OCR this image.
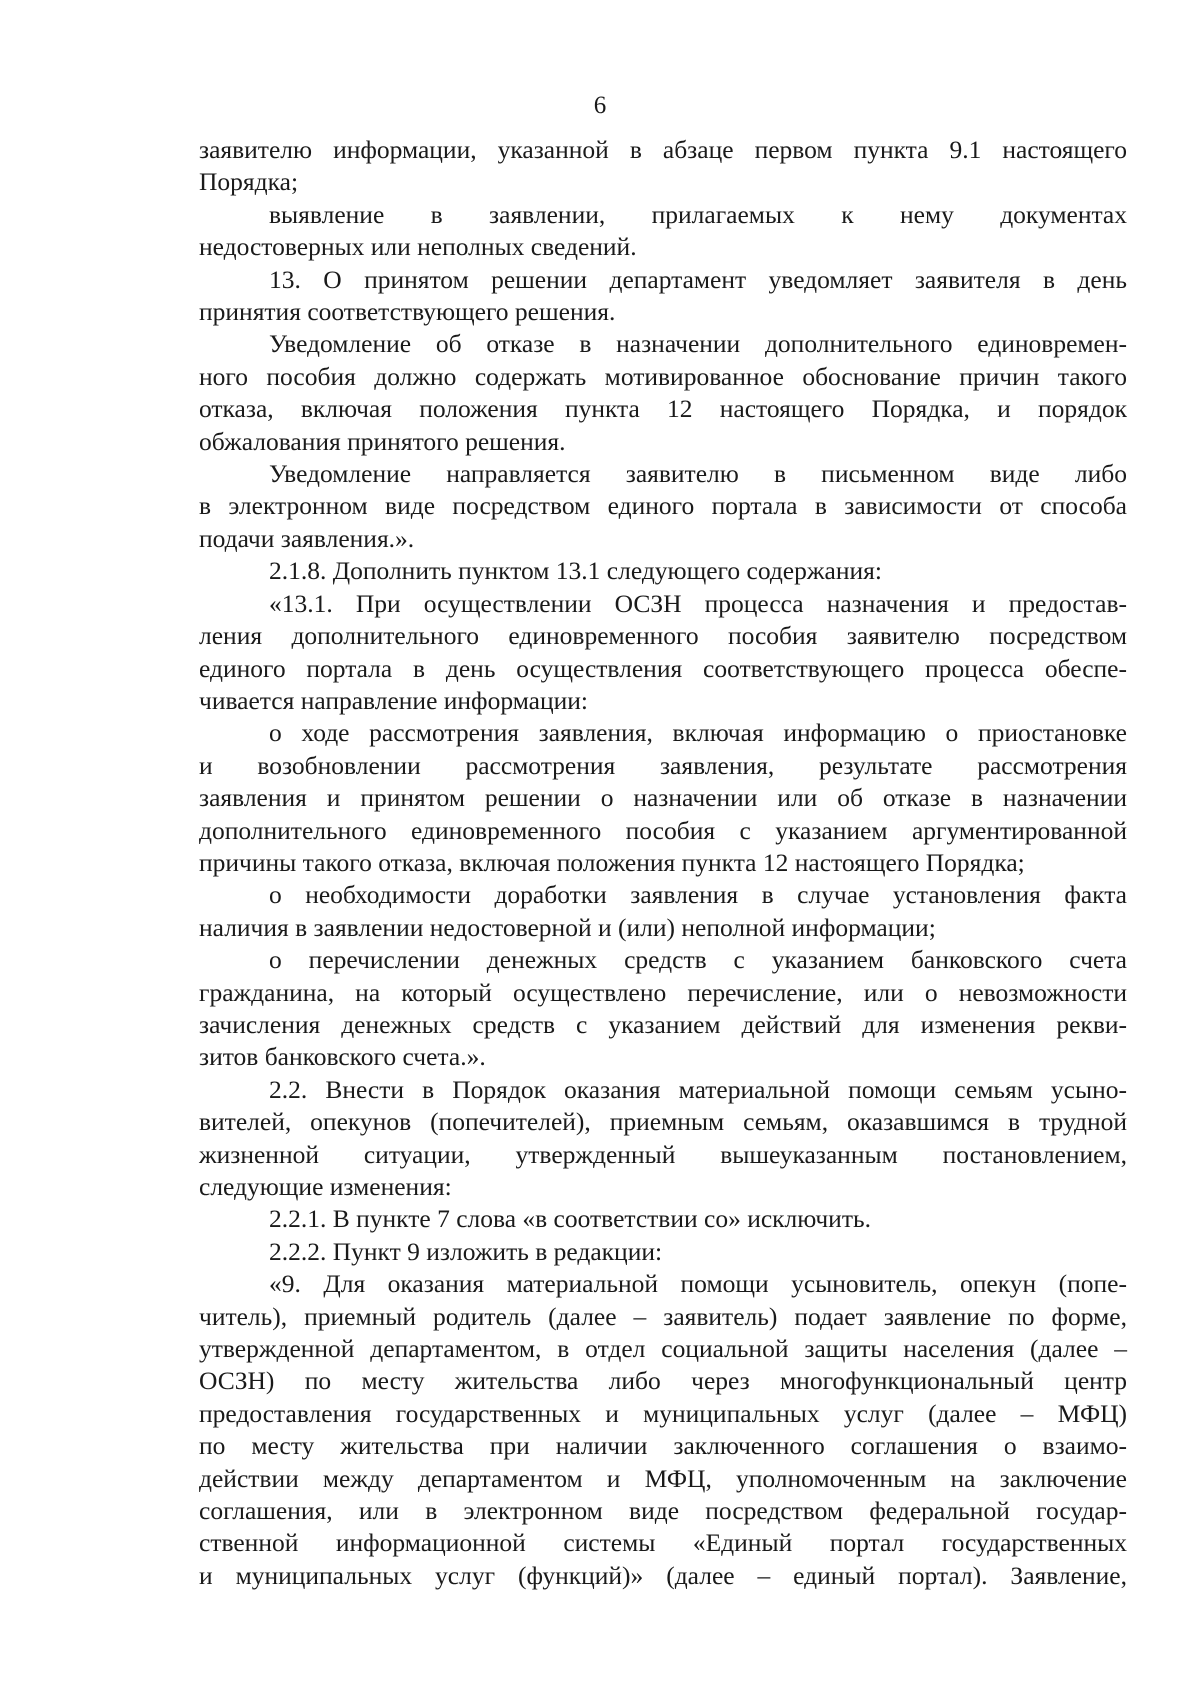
6
заявителю информации, указанной в абзаце первом пункта 9.1 настоящего
Порядка;
выявление в заявлении, прилагаемых к нему документах
недостоверных или неполных сведений.
13. О принятом решении департамент уведомляет заявителя в день
принятия соответствующего решения.
Уведомление об отказе в назначении дополнительного единовремен-
ного пособия должно содержать мотивированное обоснование причин такого
отказа, включая положения пункта 12 настоящего Порядка, и порядок
обжалования принятого решения.
Уведомление направляется заявителю в письменном виде либо
в электронном виде посредством единого портала в зависимости от способа
подачи заявления.».
2.1.8. Дополнить пунктом 13.1 следующего содержания:
«13.1. При осуществлении ОСЗН процесса назначения и предостав-
ления дополнительного единовременного пособия заявителю посредством
единого портала в день осуществления соответствующего процесса обеспе-
чивается направление информации:
о ходе рассмотрения заявления, включая информацию о приостановке
и возобновлении рассмотрения заявления, результате рассмотрения
заявления и принятом решении о назначении или об отказе в назначении
дополнительного единовременного пособия с указанием аргументированной
причины такого отказа, включая положения пункта 12 настоящего Порядка;
о необходимости доработки заявления в случае установления факта
наличия в заявлении недостоверной и (или) неполной информации;
о перечислении денежных средств с указанием банковского счета
гражданина, на который осуществлено перечисление, или о невозможности
зачисления денежных средств с указанием действий для изменения рекви-
зитов банковского счета.».
2.2. Внести в Порядок оказания материальной помощи семьям усыно-
вителей, опекунов (попечителей), приемным семьям, оказавшимся в трудной
жизненной ситуации, утвержденный вышеуказанным постановлением,
следующие изменения:
2.2.1. В пункте 7 слова «в соответствии со» исключить.
2.2.2. Пункт 9 изложить в редакции:
«9. Для оказания материальной помощи усыновитель, опекун (попе-
читель), приемный родитель (далее – заявитель) подает заявление по форме,
утвержденной департаментом, в отдел социальной защиты населения (далее –
ОСЗН) по месту жительства либо через многофункциональный центр
предоставления государственных и муниципальных услуг (далее – МФЦ)
по месту жительства при наличии заключенного соглашения о взаимо-
действии между департаментом и МФЦ, уполномоченным на заключение
соглашения, или в электронном виде посредством федеральной государ-
ственной информационной системы «Единый портал государственных
и муниципальных услуг (функций)» (далее – единый портал). Заявление,
